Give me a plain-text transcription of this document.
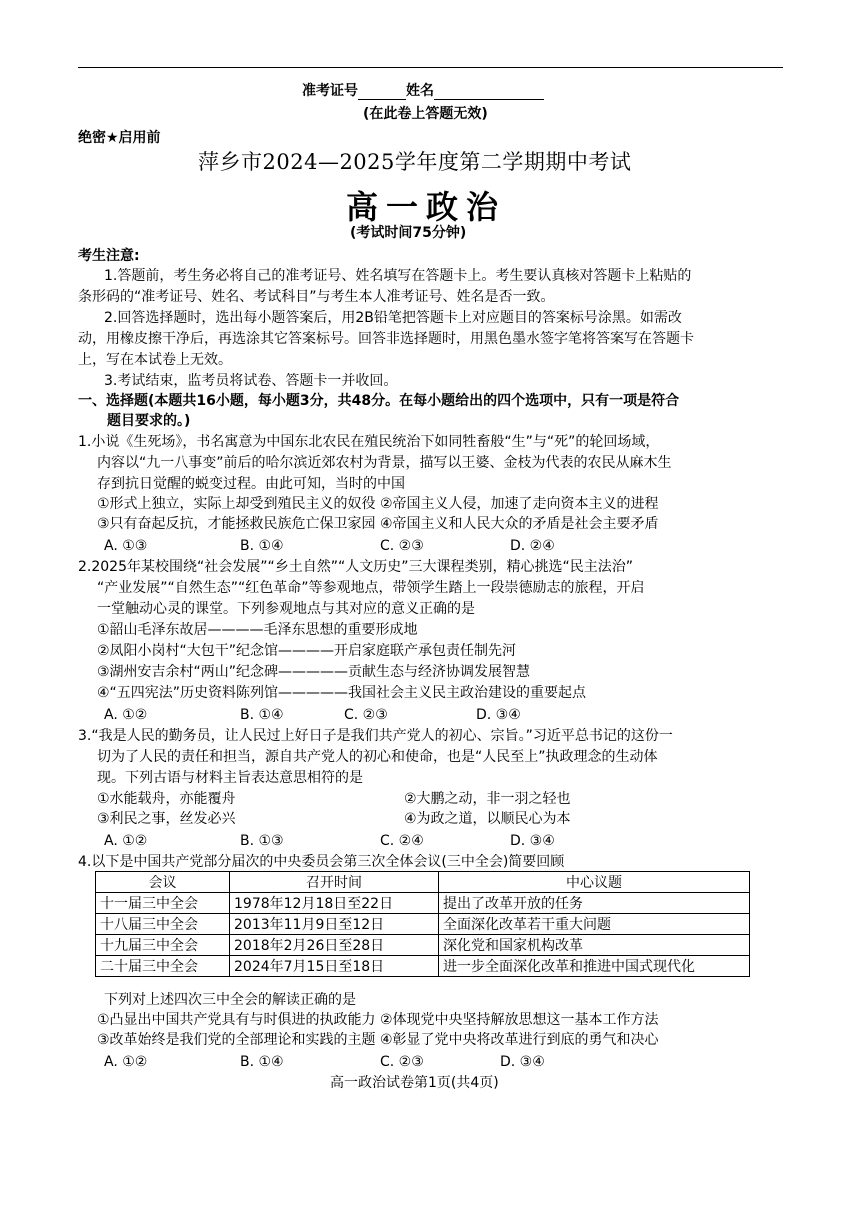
准考证号	姓名
(在此卷上答题无效)
绝密★启用前
萍乡市2024—2025学年度第二学期期中考试
高一政治
(考试时间75分钟)
考生注意:
1.答题前，考生务必将自己的准考证号、姓名填写在答题卡上。考生要认真核对答题卡上粘贴的
条形码的“准考证号、姓名、考试科目”与考生本人准考证号、姓名是否一致。
2.回答选择题时，选出每小题答案后，用2B铅笔把答题卡上对应题目的答案标号涂黑。如需改
动，用橡皮擦干净后，再选涂其它答案标号。回答非选择题时，用黑色墨水签字笔将答案写在答题卡
上，写在本试卷上无效。
3.考试结束，监考员将试卷、答题卡一并收回。
一、选择题(本题共16小题，每小题3分，共48分。在每小题给出的四个选项中，只有一项是符合
题目要求的。)
1.小说《生死场》，书名寓意为中国东北农民在殖民统治下如同牲畜般“生”与“死”的轮回场域，
内容以“九一八事变”前后的哈尔滨近郊农村为背景，描写以王婆、金枝为代表的农民从麻木生
存到抗日觉醒的蜕变过程。由此可知，当时的中国
①形式上独立，实际上却受到殖民主义的奴役 ②帝国主义人侵，加速了走向资本主义的进程
③只有奋起反抗，才能拯救民族危亡保卫家园 ④帝国主义和人民大众的矛盾是社会主要矛盾
A. ①③	B. ①④	C. ②③	D. ②④
2.2025年某校围绕“社会发展”“乡土自然”“人文历史”三大课程类别，精心挑选“民主法治”
“产业发展”“自然生态”“红色革命”等参观地点，带领学生踏上一段崇德励志的旅程，开启
一堂触动心灵的课堂。下列参观地点与其对应的意义正确的是
①韶山毛泽东故居————毛泽东思想的重要形成地
②凤阳小岗村“大包干”纪念馆————开启家庭联产承包责任制先河
③湖州安吉余村“两山”纪念碑—————贡献生态与经济协调发展智慧
④“五四宪法”历史资料陈列馆—————我国社会主义民主政治建设的重要起点
A. ①②	B. ①④	C. ②③	D. ③④
3.“我是人民的勤务员，让人民过上好日子是我们共产党人的初心、宗旨。”习近平总书记的这份一
切为了人民的责任和担当，源自共产党人的初心和使命，也是“人民至上”执政理念的生动体
现。下列古语与材料主旨表达意思相符的是
①水能载舟，亦能覆舟	②大鹏之动，非一羽之轻也
③利民之事，丝发必兴	④为政之道，以顺民心为本
A. ①②	B. ①③	C. ②④	D. ③④
4.以下是中国共产党部分届次的中央委员会第三次全体会议(三中全会)简要回顾
会议	召开时间	中心议题
十一届三中全会	1978年12月18日至22日	提出了改革开放的任务
十八届三中全会	2013年11月9日至12日	全面深化改革若干重大问题
十九届三中全会	2018年2月26日至28日	深化党和国家机构改革
二十届三中全会	2024年7月15日至18日	进一步全面深化改革和推进中国式现代化
下列对上述四次三中全会的解读正确的是
①凸显出中国共产党具有与时俱进的执政能力 ②体现党中央坚持解放思想这一基本工作方法
③改革始终是我们党的全部理论和实践的主题 ④彰显了党中央将改革进行到底的勇气和决心
A. ①②	B. ①④	C. ②③	D. ③④
高一政治试卷第1页(共4页)
